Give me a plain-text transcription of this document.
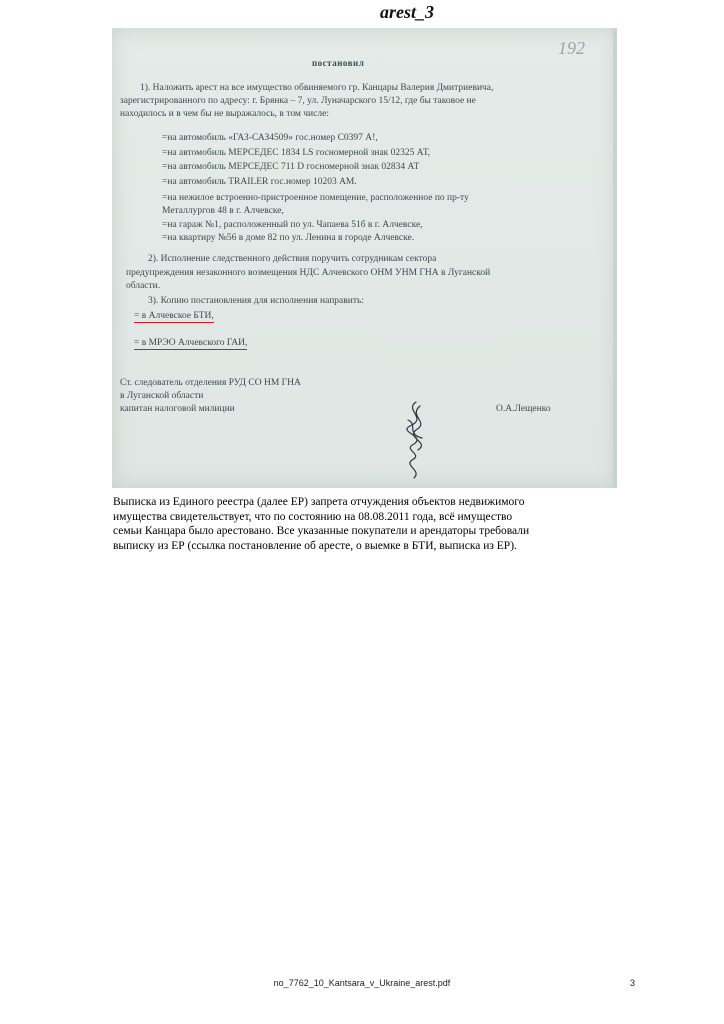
arest_3
192
постановил
1). Наложить арест на все имущество обвиняемого гр. Канцары Валерия Дмитриевича,
зарегистрированного по адресу: г. Брянка – 7, ул. Луначарского 15/12, где бы таковое не
находилось и в чем бы не выражалось, в том числе:
=на автомобиль «ГАЗ-САЗ4509» гос.номер С0397 А!,
=на автомобиль МЕРСЕДЕС 1834 LS госномерной знак 02325 АТ,
=на автомобиль МЕРСЕДЕС 711 D госномерной знак 02834 АТ
=на автомобиль TRAILER гос.номер 10203 АМ.
=на нежилое встроенно-пристроенное помещение, расположенное по пр-ту
Металлургов 48 в г. Алчевске,
=на гараж №1, расположенный по ул. Чапаева 51б в г. Алчевске,
=на квартиру №56 в доме 82 по ул. Ленина в городе Алчевске.
2). Исполнение следственного действия поручить сотрудникам сектора
предупреждения незаконного возмещения НДС Алчевского ОНМ УНМ ГНА в Луганской
области.
3). Копию постановления для исполнения направить:
= в Алчевское БТИ,
= в МРЭО Алчевского ГАИ,
Ст. следователь отделения РУД СО НМ ГНА
в Луганской области
капитан налоговой милиции	О.А.Лещенко
Выписка из Единого реестра (далее ЕР) запрета отчуждения объектов недвижимого
имущества свидетельствует, что по состоянию на 08.08.2011 года, всё имущество
семьи Канцара было арестовано. Все указанные покупатели и арендаторы требовали
выписку из ЕР (ссылка постановление об аресте, о выемке в БТИ, выписка из ЕР).
no_7762_10_Kantsara_v_Ukraine_arest.pdf	3
